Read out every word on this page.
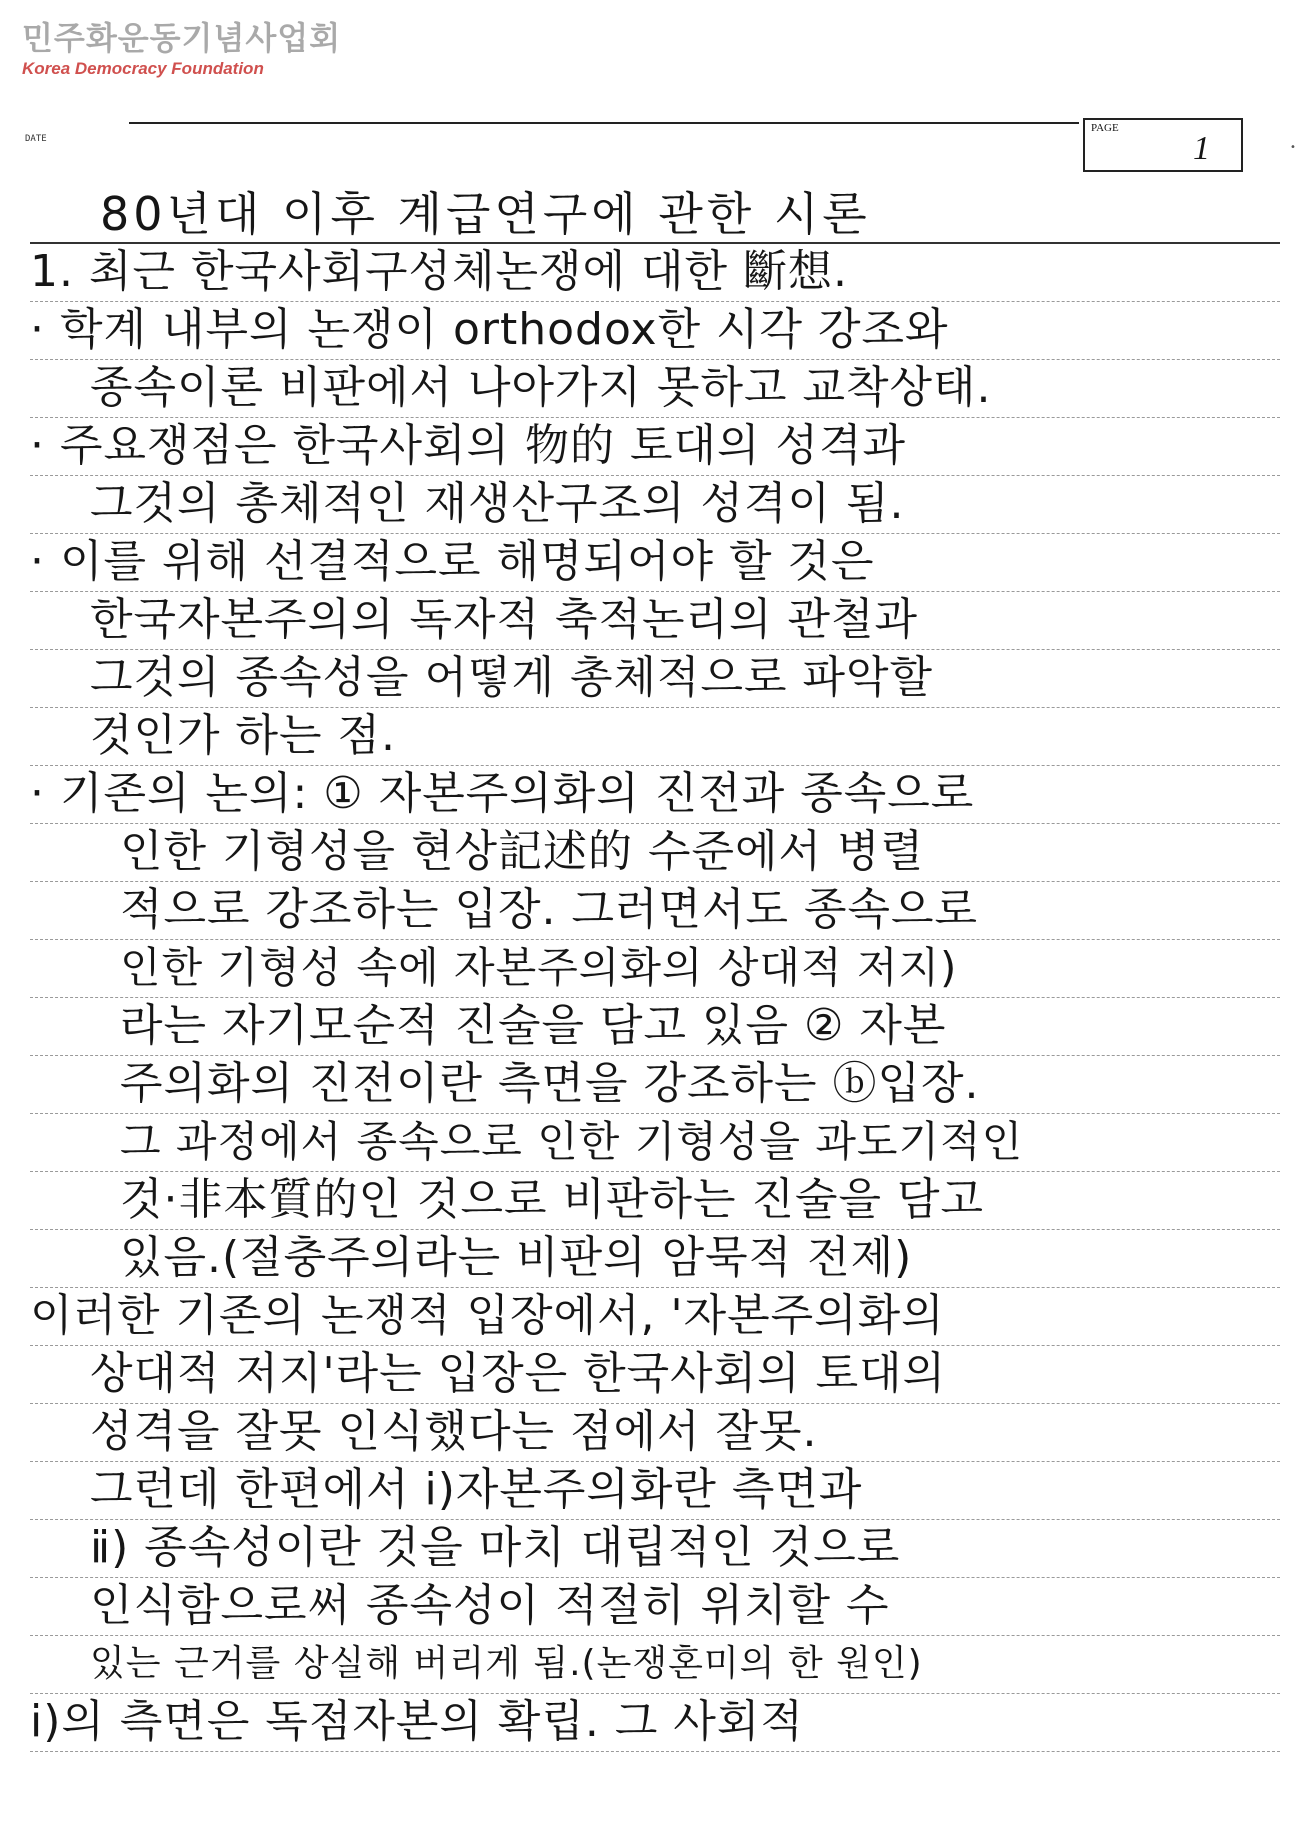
민주화운동기념사업회
Korea Democracy Foundation
DATE
PAGE
1	•
80년대 이후 계급연구에 관한 시론
1. 최근 한국사회구성체논쟁에 대한 斷想.
· 학계 내부의 논쟁이 orthodox한 시각 강조와
종속이론 비판에서 나아가지 못하고 교착상태.
· 주요쟁점은 한국사회의 物的 토대의 성격과
그것의 총체적인 재생산구조의 성격이 됨.
· 이를 위해 선결적으로 해명되어야 할 것은
한국자본주의의 독자적 축적논리의 관철과
그것의 종속성을 어떻게 총체적으로 파악할
것인가 하는 점.
· 기존의 논의: ① 자본주의화의 진전과 종속으로
인한 기형성을 현상記述的 수준에서 병렬
적으로 강조하는 입장. 그러면서도 종속으로
인한 기형성 속에 자본주의화의 상대적 저지)
라는 자기모순적 진술을 담고 있음 ② 자본
주의화의 진전이란 측면을 강조하는 ⓑ입장.
그 과정에서 종속으로 인한 기형성을 과도기적인
것·非本質的인 것으로 비판하는 진술을 담고
있음.(절충주의라는 비판의 암묵적 전제)
이러한 기존의 논쟁적 입장에서, '자본주의화의
상대적 저지'라는 입장은 한국사회의 토대의
성격을 잘못 인식했다는 점에서 잘못.
그런데 한편에서 ⅰ)자본주의화란 측면과
ⅱ) 종속성이란 것을 마치 대립적인 것으로
인식함으로써 종속성이 적절히 위치할 수
있는 근거를 상실해 버리게 됨.(논쟁혼미의 한 원인)
ⅰ)의 측면은 독점자본의 확립. 그 사회적
